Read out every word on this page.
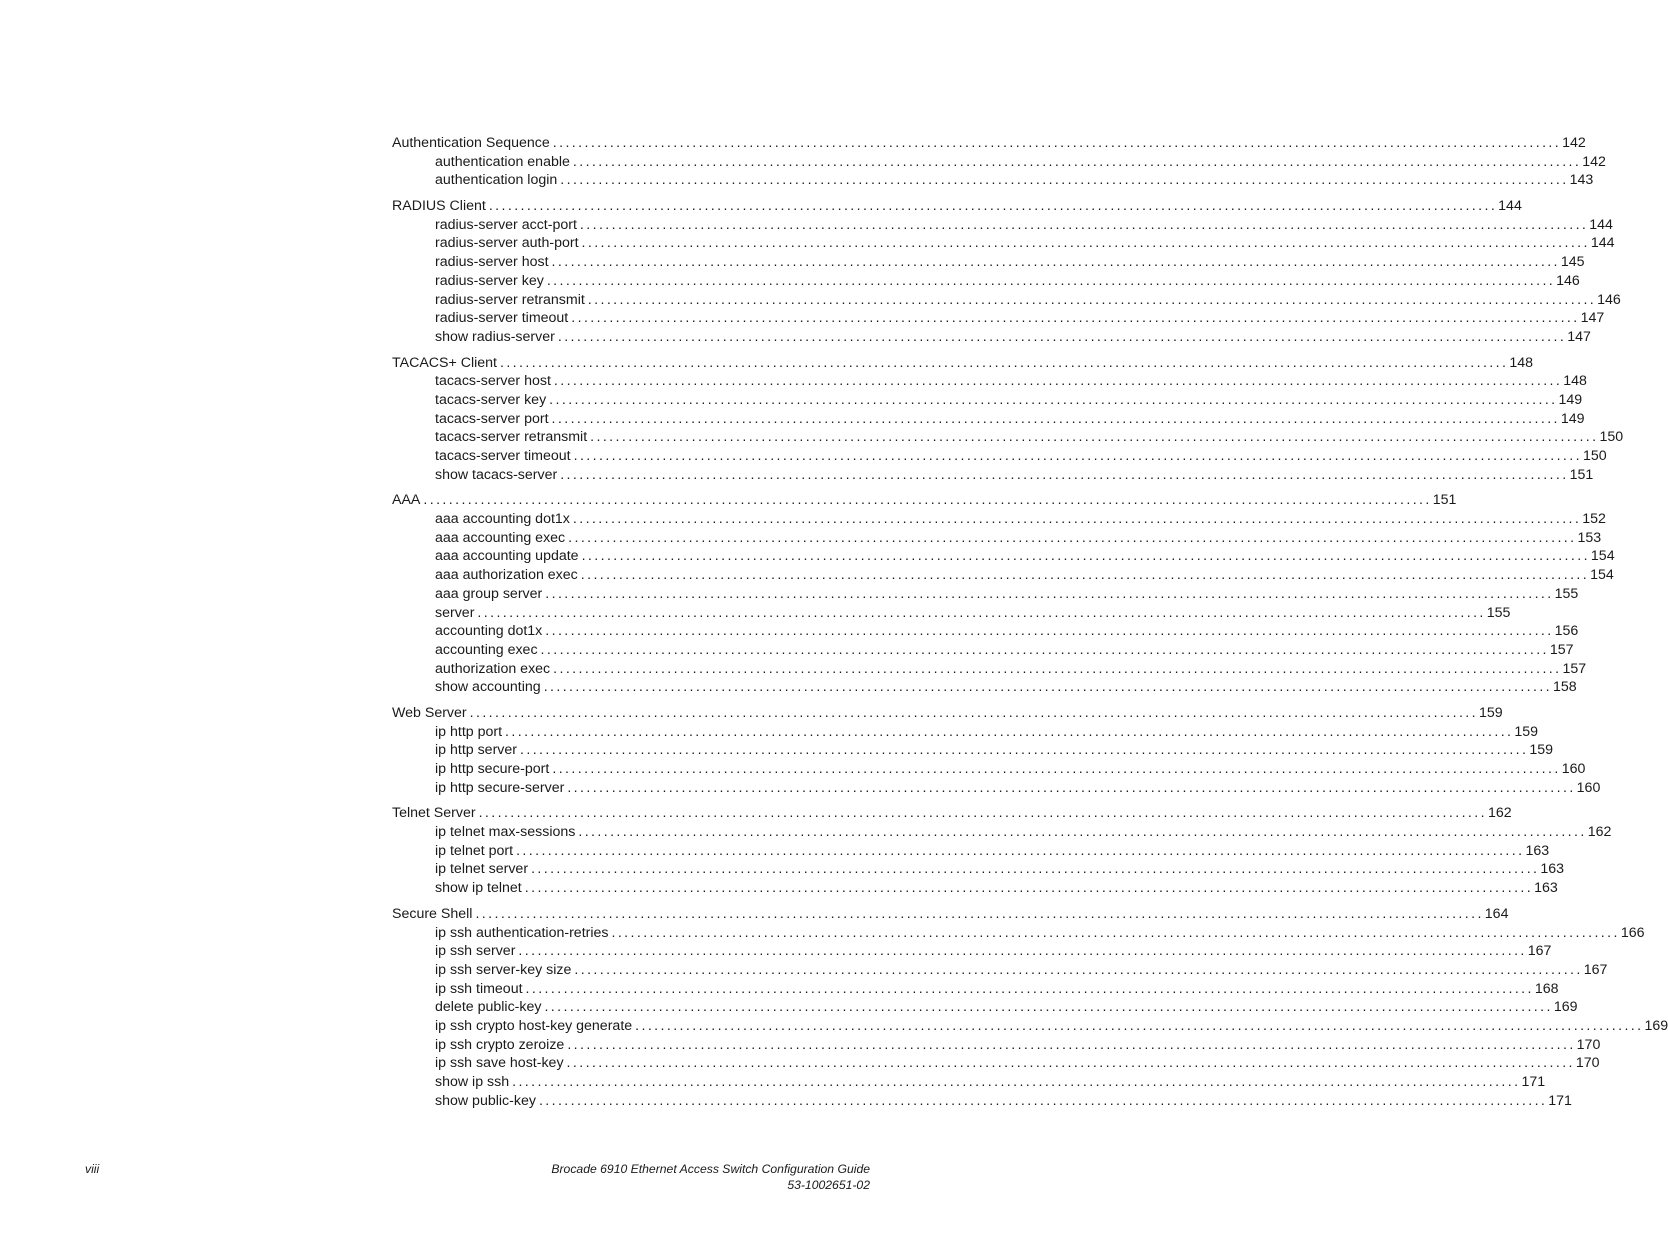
Authentication Sequence ............................................................................................................................................................... 142
authentication enable ............................................................................................................................................................... 142
authentication login ............................................................................................................................................................... 143
RADIUS Client ............................................................................................................................................................... 144
radius-server acct-port ............................................................................................................................................................... 144
radius-server auth-port ............................................................................................................................................................... 144
radius-server host ............................................................................................................................................................... 145
radius-server key ............................................................................................................................................................... 146
radius-server retransmit ............................................................................................................................................................... 146
radius-server timeout ............................................................................................................................................................... 147
show radius-server ............................................................................................................................................................... 147
TACACS+ Client ............................................................................................................................................................... 148
tacacs-server host ............................................................................................................................................................... 148
tacacs-server key ............................................................................................................................................................... 149
tacacs-server port ............................................................................................................................................................... 149
tacacs-server retransmit ............................................................................................................................................................... 150
tacacs-server timeout ............................................................................................................................................................... 150
show tacacs-server ............................................................................................................................................................... 151
AAA ............................................................................................................................................................... 151
aaa accounting dot1x ............................................................................................................................................................... 152
aaa accounting exec ............................................................................................................................................................... 153
aaa accounting update ............................................................................................................................................................... 154
aaa authorization exec ............................................................................................................................................................... 154
aaa group server ............................................................................................................................................................... 155
server ............................................................................................................................................................... 155
accounting dot1x ............................................................................................................................................................... 156
accounting exec ............................................................................................................................................................... 157
authorization exec ............................................................................................................................................................... 157
show accounting ............................................................................................................................................................... 158
Web Server ............................................................................................................................................................... 159
ip http port ............................................................................................................................................................... 159
ip http server ............................................................................................................................................................... 159
ip http secure-port ............................................................................................................................................................... 160
ip http secure-server ............................................................................................................................................................... 160
Telnet Server ............................................................................................................................................................... 162
ip telnet max-sessions ............................................................................................................................................................... 162
ip telnet port ............................................................................................................................................................... 163
ip telnet server ............................................................................................................................................................... 163
show ip telnet ............................................................................................................................................................... 163
Secure Shell ............................................................................................................................................................... 164
ip ssh authentication-retries ............................................................................................................................................................... 166
ip ssh server ............................................................................................................................................................... 167
ip ssh server-key size ............................................................................................................................................................... 167
ip ssh timeout ............................................................................................................................................................... 168
delete public-key ............................................................................................................................................................... 169
ip ssh crypto host-key generate ............................................................................................................................................................... 169
ip ssh crypto zeroize ............................................................................................................................................................... 170
ip ssh save host-key ............................................................................................................................................................... 170
show ip ssh ............................................................................................................................................................... 171
show public-key ............................................................................................................................................................... 171
viii	Brocade 6910 Ethernet Access Switch Configuration Guide
53-1002651-02
